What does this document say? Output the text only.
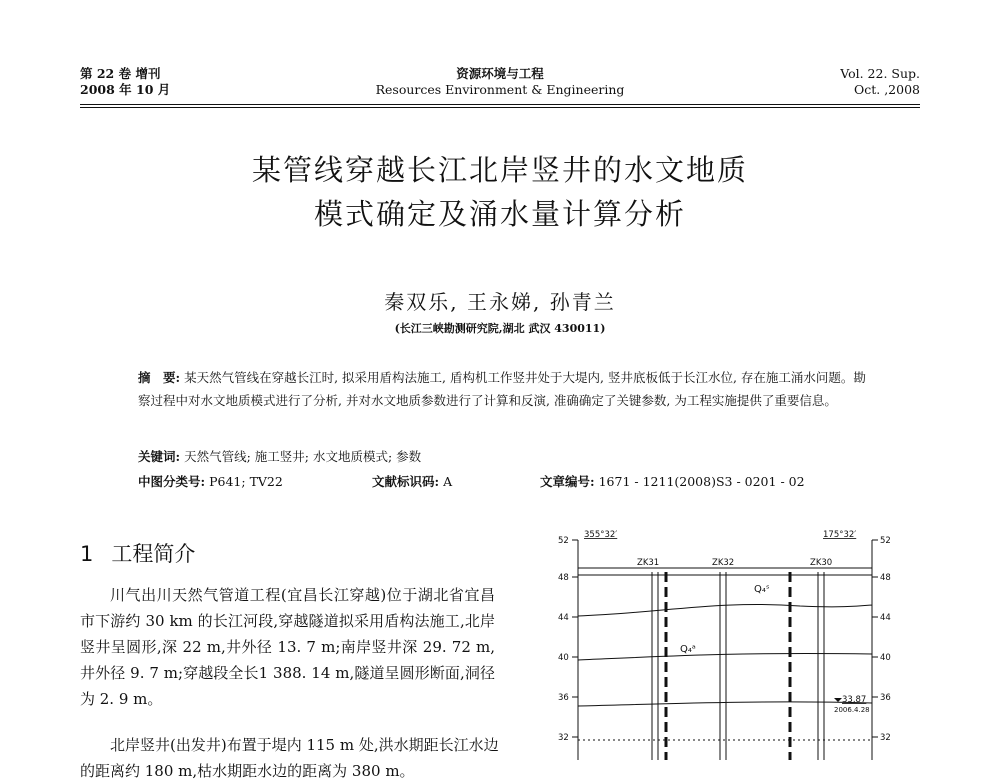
第 22 卷 增刊
2008 年 10 月
资源环境与工程
Resources Environment & Engineering
Vol. 22. Sup.
Oct. ,2008
某管线穿越长江北岸竖井的水文地质
模式确定及涌水量计算分析
秦双乐, 王永娣, 孙青兰
(长江三峡勘测研究院,湖北 武汉 430011)
摘　要: 某天然气管线在穿越长江时, 拟采用盾构法施工, 盾构机工作竖井处于大堤内, 竖井底板低于长江水位, 存在施工涌水问题。勘察过程中对水文地质模式进行了分析, 并对水文地质参数进行了计算和反演, 准确确定了关键参数, 为工程实施提供了重要信息。
关键词: 天然气管线; 施工竖井; 水文地质模式; 参数
中图分类号: P641; TV22	文献标识码: A	文章编号: 1671 - 1211(2008)S3 - 0201 - 02
1 工程简介

川气出川天然气管道工程(宜昌长江穿越)位于湖北省宜昌市下游约 30 km 的长江河段,穿越隧道拟采用盾构法施工,北岸竖井呈圆形,深 22 m,井外径 13. 7 m;南岸竖井深 29. 72 m,井外径 9. 7 m;穿越段全长1 388. 14 m,隧道呈圆形断面,洞径为 2. 9 m。

北岸竖井(出发井)布置于堤内 115 m 处,洪水期距长江水边的距离约 180 m,枯水期距水边的距离为 380 m。

52
48
44
40
36
32
52
48
44
40
36
32
355°32′	175°32′
ZK31	ZK32	ZK30
Q₄ˢ
Q₄ᵃ
33.87
2006.4.28
